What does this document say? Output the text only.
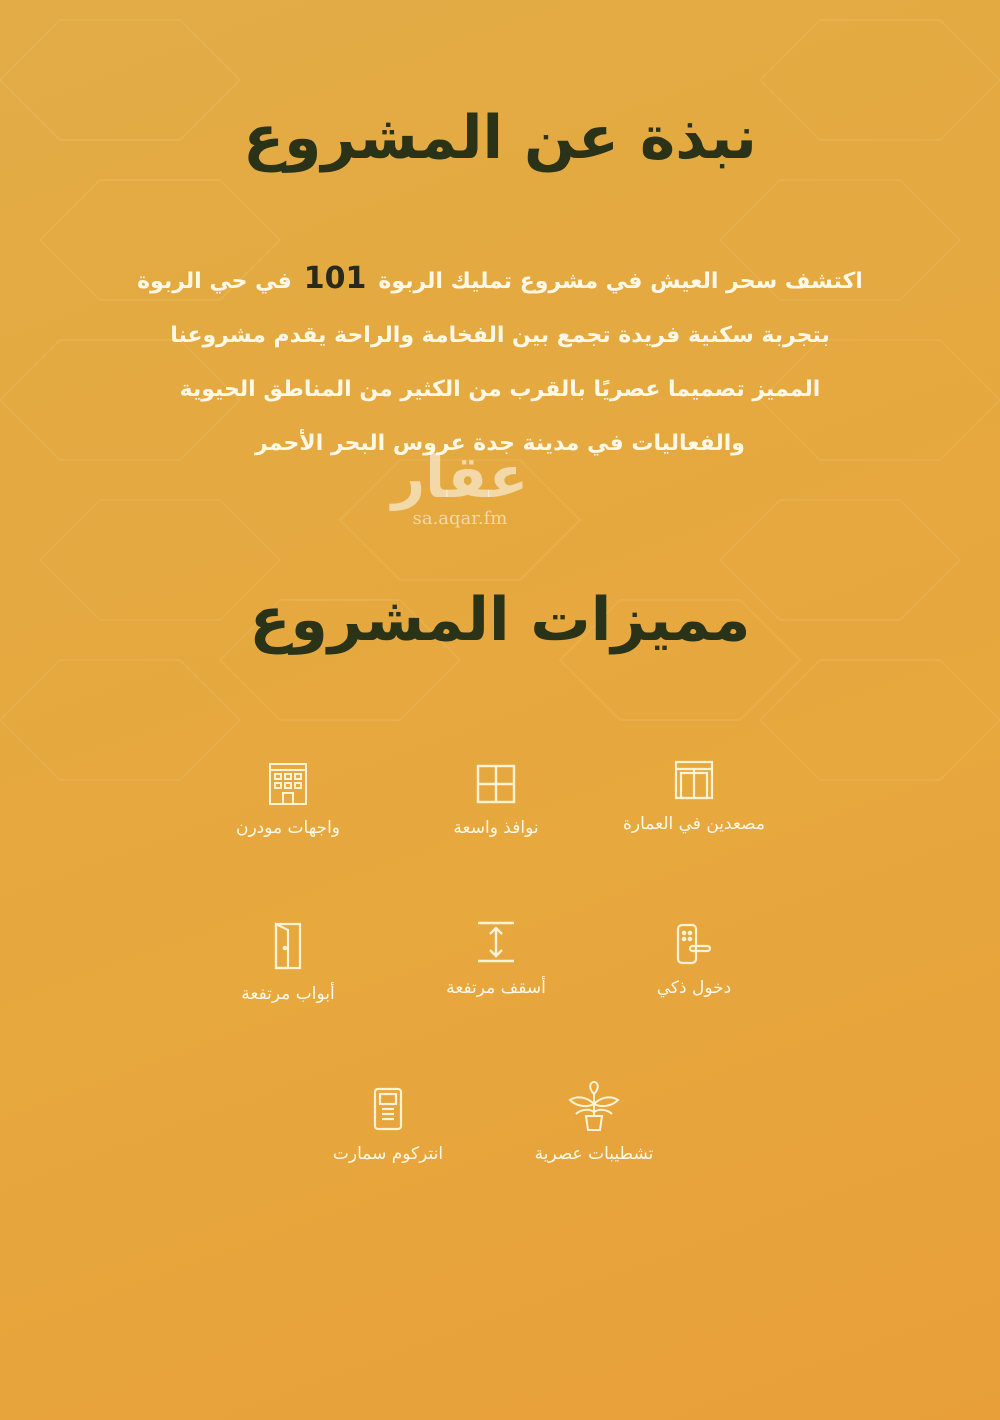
نبذة عن المشروع
اكتشف سحر العيش في مشروع تمليك الربوة101في حي الربوة
بتجربة سكنية فريدة تجمع بين الفخامة والراحة يقدم مشروعنا
المميز تصميما عصريًا بالقرب من الكثير من المناطق الحيوية
والفعاليات في مدينة جدة عروس البحر الأحمر
عقار
sa.aqar.fm
مميزات المشروع
مصعدين في العمارة
نوافذ واسعة
واجهات مودرن
دخول ذكي
أسقف مرتفعة
أبواب مرتفعة
تشطيبات عصرية
انتركوم سمارت
